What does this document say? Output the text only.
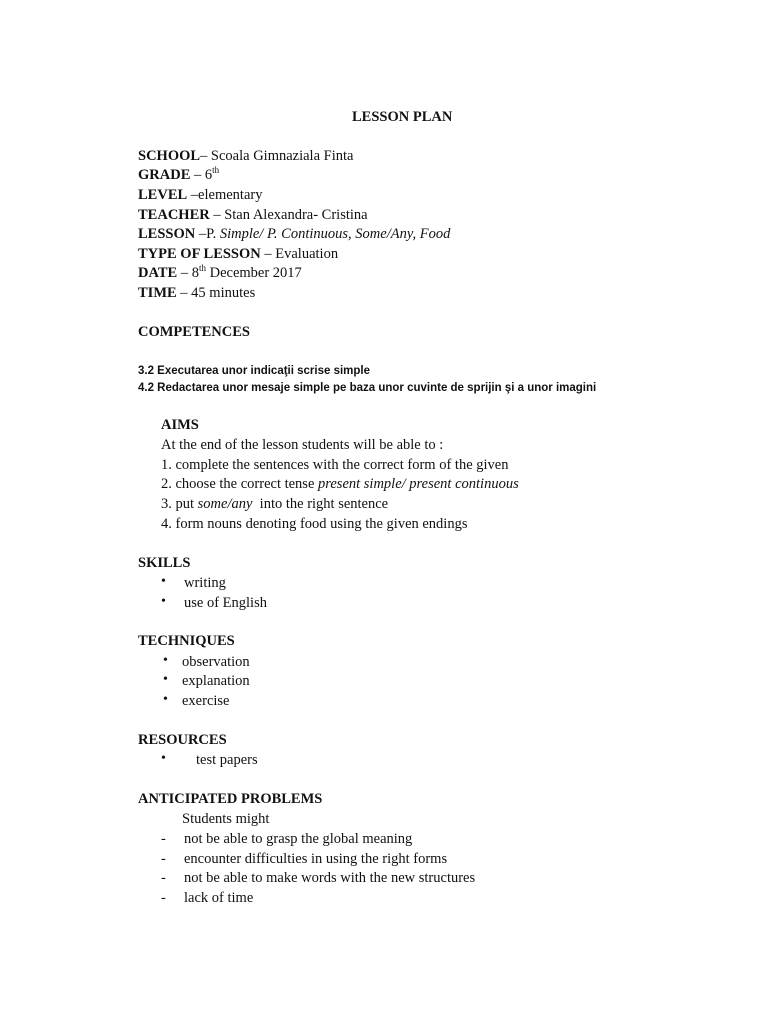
LESSON PLAN
SCHOOL– Scoala Gimnaziala Finta
GRADE – 6th
LEVEL –elementary
TEACHER – Stan Alexandra- Cristina
LESSON –P. Simple/ P. Continuous, Some/Any, Food
TYPE OF LESSON – Evaluation
DATE – 8th December 2017
TIME – 45 minutes
COMPETENCES
3.2 Executarea unor indicaţii scrise simple
4.2 Redactarea unor mesaje simple pe baza unor cuvinte de sprijin şi a unor imagini
AIMS
At the end of the lesson students will be able to :
1. complete the sentences with the correct form of the given
2. choose the correct tense present simple/ present continuous
3. put some/any  into the right sentence
4. form nouns denoting food using the given endings
SKILLS
• writing
• use of English
TECHNIQUES
• observation
• explanation
• exercise
RESOURCES
• test papers
ANTICIPATED PROBLEMS
Students might
- not be able to grasp the global meaning
- encounter difficulties in using the right forms
- not be able to make words with the new structures
- lack of time
